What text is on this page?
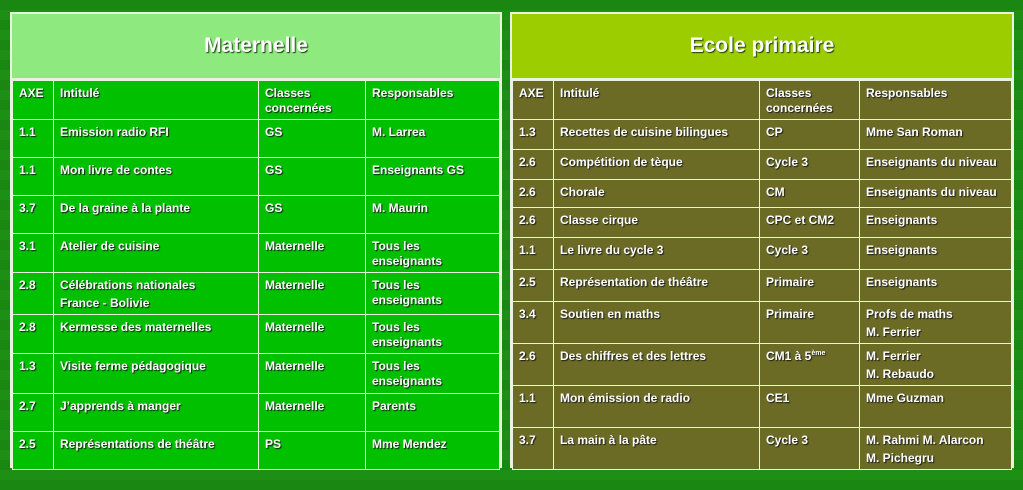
Maternelle
AXE	Intitulé	Classes concernées	Responsables
1.1	Emission radio RFI	GS	M. Larrea
1.1	Mon livre de contes	GS	Enseignants GS
3.7	De la graine à la plante	GS	M. Maurin
3.1	Atelier de cuisine	Maternelle	Tous les enseignants
2.8	Célébrations nationales
France - Bolivie	Maternelle	Tous les enseignants
2.8	Kermesse des maternelles	Maternelle	Tous les enseignants
1.3	Visite ferme pédagogique	Maternelle	Tous les enseignants
2.7	J’apprends à manger	Maternelle	Parents
2.5	Représentations de théâtre	PS	Mme Mendez
Ecole primaire
AXE	Intitulé	Classes concernées	Responsables
1.3	Recettes de cuisine bilingues	CP	Mme San Roman
2.6	Compétition de tèque	Cycle 3	Enseignants du niveau
2.6	Chorale	CM	Enseignants du niveau
2.6	Classe cirque	CPC et CM2	Enseignants
1.1	Le livre du cycle 3	Cycle 3	Enseignants
2.5	Représentation de théâtre	Primaire	Enseignants
3.4	Soutien en maths	Primaire	Profs de maths
M. Ferrier

2.6	Des chiffres et des lettres	CM1 à 5ème	M. Ferrier
M. Rebaudo

1.1	Mon émission de radio	CE1	Mme Guzman
3.7	La main à la pâte	Cycle 3	M. Rahmi M. Alarcon
M. Pichegru
